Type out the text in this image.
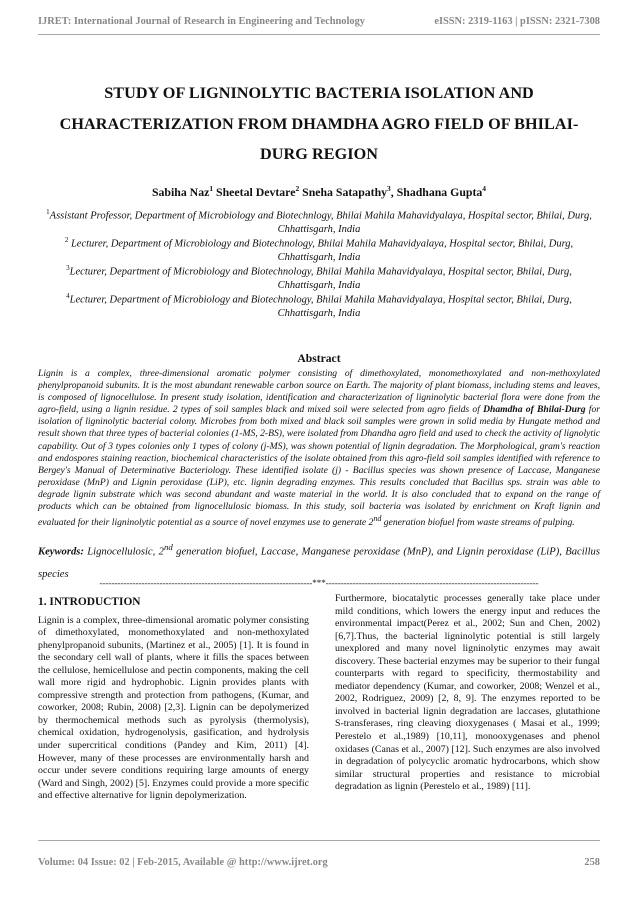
IJRET: International Journal of Research in Engineering and Technology	eISSN: 2319-1163 | pISSN: 2321-7308
STUDY OF LIGNINOLYTIC BACTERIA ISOLATION AND CHARACTERIZATION FROM DHAMDHA AGRO FIELD OF BHILAI-DURG REGION
Sabiha Naz$^1$ Sheetal Devtare$^2$ Sneha Satapathy$^3$, Shadhana Gupta$^4$
$^1$Assistant Professor, Department of Microbiology and Biotechnlogy, Bhilai Mahila Mahavidyalaya, Hospital sector, Bhilai, Durg, Chhattisgarh, India
$^2$ Lecturer, Department of Microbiology and Biotechnology, Bhilai Mahila Mahavidyalaya, Hospital sector, Bhilai, Durg, Chhattisgarh, India
$^3$Lecturer, Department of Microbiology and Biotechnology, Bhilai Mahila Mahavidyalaya, Hospital sector, Bhilai, Durg, Chhattisgarh, India
$^4$Lecturer, Department of Microbiology and Biotechnology, Bhilai Mahila Mahavidyalaya, Hospital sector, Bhilai, Durg, Chhattisgarh, India
Abstract
Lignin is a complex, three-dimensional aromatic polymer consisting of dimethoxylated, monomethoxylated and non-methoxylated phenylpropanoid subunits. It is the most abundant renewable carbon source on Earth. The majority of plant biomass, including stems and leaves, is composed of lignocellulose. In present study isolation, identification and characterization of ligninolytic bacterial flora were done from the agro-field, using a lignin residue. 2 types of soil samples black and mixed soil were selected from agro fields of Dhamdha of Bhilai-Durg for isolation of ligninolytic bacterial colony. Microbes from both mixed and black soil samples were grown in solid media by Hungate method and result shown that three types of bacterial colonies (1-MS, 2-BS), were isolated from Dhandha agro field and used to check the activity of lignolytic capability. Out of 3 types colonies only 1 types of colony (j-MS), was shown potential of lignin degradation. The Morphological, gram's reaction and endospores staining reaction, biochemical characteristics of the isolate obtained from this agro-field soil samples identified with reference to Bergey's Manual of Determinative Bacteriology. These identified isolate (j) - Bacillus species was shown presence of Laccase, Manganese peroxidase (MnP) and Lignin peroxidase (LiP), etc. lignin degrading enzymes. This results concluded that Bacillus sps. strain was able to degrade lignin substrate which was second abundant and waste material in the world. It is also concluded that to expand on the range of products which can be obtained from lignocellulosic biomass. In this study, soil bacteria was isolated by enrichment on Kraft lignin and evaluated for their ligninolytic potential as a source of novel enzymes use to generate 2nd generation biofuel from waste streams of pulping.
Keywords: Lignocellulosic, 2nd generation biofuel, Laccase, Manganese peroxidase (MnP), and Lignin peroxidase (LiP), Bacillus species
-----------------------------------------------------------------------***-----------------------------------------------------------------------
1. INTRODUCTION
Lignin is a complex, three-dimensional aromatic polymer consisting of dimethoxylated, monomethoxylated and non-methoxylated phenylpropanoid subunits, (Martinez et al., 2005) [1]. It is found in the secondary cell wall of plants, where it fills the spaces between the cellulose, hemicellulose and pectin components, making the cell wall more rigid and hydrophobic. Lignin provides plants with compressive strength and protection from pathogens, (Kumar, and coworker, 2008; Rubin, 2008) [2,3]. Lignin can be depolymerized by thermochemical methods such as pyrolysis (thermolysis), chemical oxidation, hydrogenolysis, gasification, and hydrolysis under supercritical conditions (Pandey and Kim, 2011) [4]. However, many of these processes are environmentally harsh and occur under severe conditions requiring large amounts of energy (Ward and Singh, 2002) [5]. Enzymes could provide a more specific and effective alternative for lignin depolymerization.
Furthermore, biocatalytic processes generally take place under mild conditions, which lowers the energy input and reduces the environmental impact(Perez et al., 2002; Sun and Chen, 2002) [6,7].Thus, the bacterial ligninolytic potential is still largely unexplored and many novel ligninolytic enzymes may await discovery. These bacterial enzymes may be superior to their fungal counterparts with regard to specificity, thermostability and mediator dependency (Kumar, and coworker, 2008; Wenzel et al., 2002, Rodriguez, 2009) [2, 8, 9]. The enzymes reported to be involved in bacterial lignin degradation are laccases, glutathione S-transferases, ring cleaving dioxygenases ( Masai et al., 1999; Perestelo et al.,1989) [10,11], monooxygenases and phenol oxidases (Canas et al., 2007) [12]. Such enzymes are also involved in degradation of polycyclic aromatic hydrocarbons, which show similar structural properties and resistance to microbial degradation as lignin (Perestelo et al., 1989) [11].
Volume: 04 Issue: 02 | Feb-2015, Available @ http://www.ijret.org	258
